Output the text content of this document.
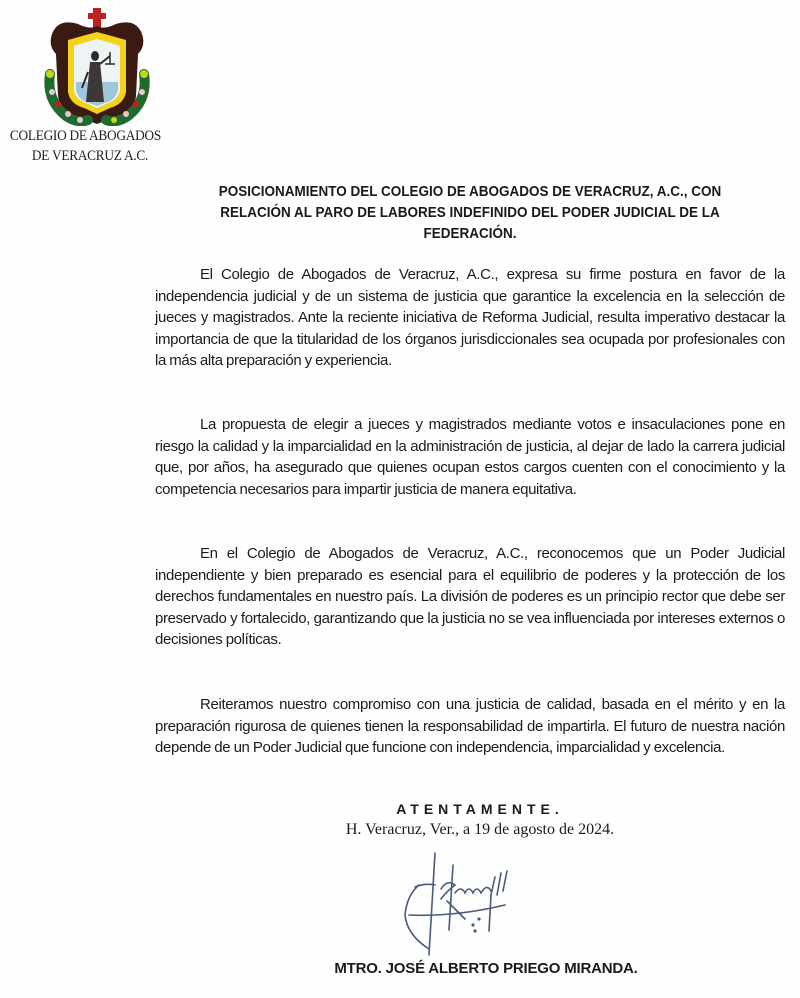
COLEGIO DE ABOGADOS
DE VERACRUZ A.C.
POSICIONAMIENTO DEL COLEGIO DE ABOGADOS DE VERACRUZ, A.C., CON RELACIÓN AL PARO DE LABORES INDEFINIDO DEL PODER JUDICIAL DE LA FEDERACIÓN.

El Colegio de Abogados de Veracruz, A.C., expresa su firme postura en favor de la independencia judicial y de un sistema de justicia que garantice la excelencia en la selección de jueces y magistrados. Ante la reciente iniciativa de Reforma Judicial, resulta imperativo destacar la importancia de que la titularidad de los órganos jurisdiccionales sea ocupada por profesionales con la más alta preparación y experiencia.

La propuesta de elegir a jueces y magistrados mediante votos e insaculaciones pone en riesgo la calidad y la imparcialidad en la administración de justicia, al dejar de lado la carrera judicial que, por años, ha asegurado que quienes ocupan estos cargos cuenten con el conocimiento y la competencia necesarios para impartir justicia de manera equitativa.

En el Colegio de Abogados de Veracruz, A.C., reconocemos que un Poder Judicial independiente y bien preparado es esencial para el equilibrio de poderes y la protección de los derechos fundamentales en nuestro país. La división de poderes es un principio rector que debe ser preservado y fortalecido, garantizando que la justicia no se vea influenciada por intereses externos o decisiones políticas.

Reiteramos nuestro compromiso con una justicia de calidad, basada en el mérito y en la preparación rigurosa de quienes tienen la responsabilidad de impartirla. El futuro de nuestra nación depende de un Poder Judicial que funcione con independencia, imparcialidad y excelencia.

ATENTAMENTE.
H. Veracruz, Ver., a 19 de agosto de 2024.
MTRO. JOSÉ ALBERTO PRIEGO MIRANDA.
